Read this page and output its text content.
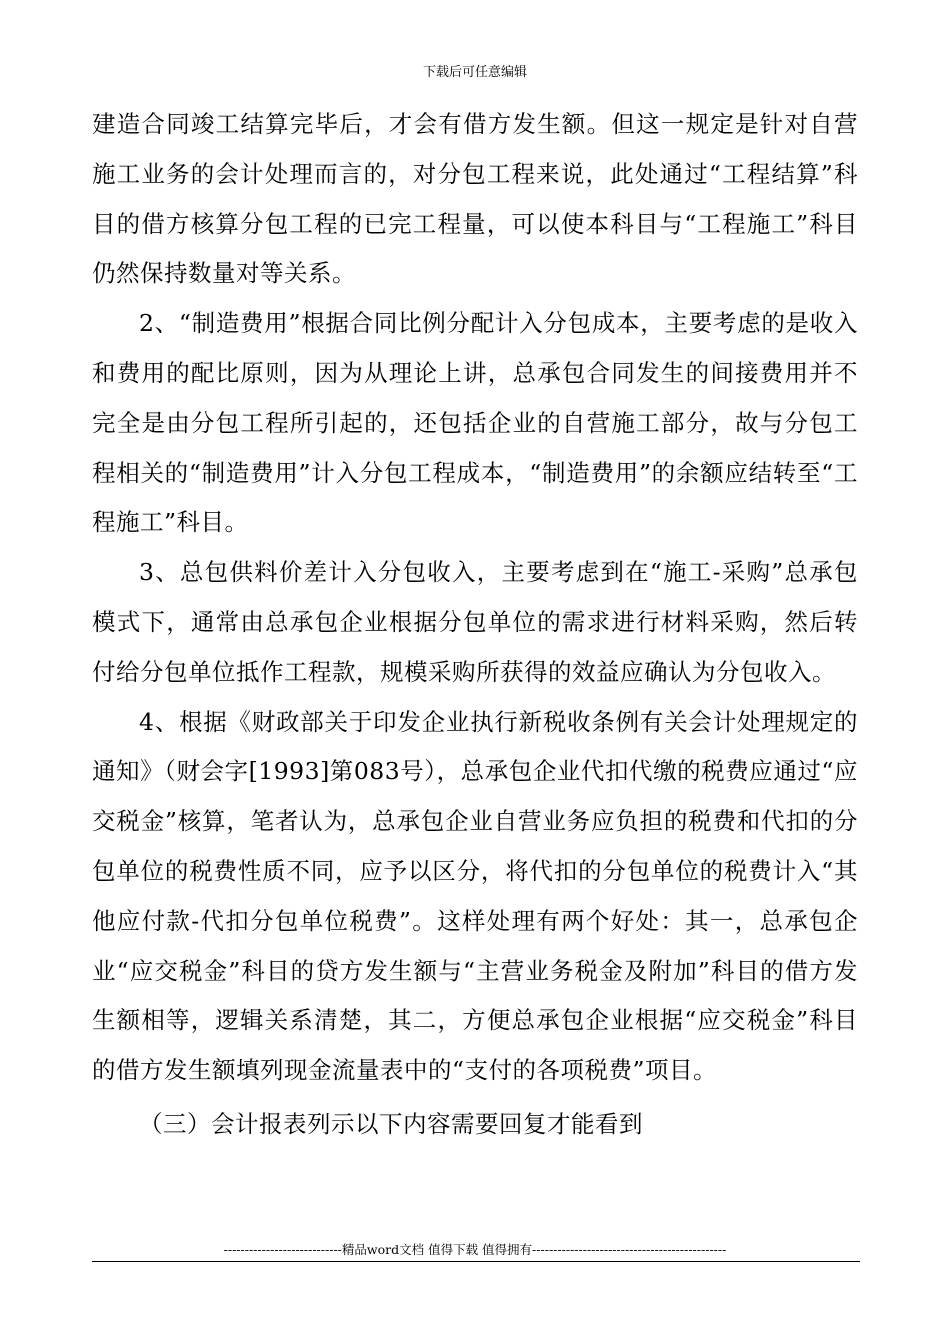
下载后可任意编辑

建造合同竣工结算完毕后，才会有借方发生额。但这一规定是针对自营施工业务的会计处理而言的，对分包工程来说，此处通过“工程结算”科目的借方核算分包工程的已完工程量，可以使本科目与“工程施工”科目仍然保持数量对等关系。

2、“制造费用”根据合同比例分配计入分包成本，主要考虑的是收入和费用的配比原则，因为从理论上讲，总承包合同发生的间接费用并不完全是由分包工程所引起的，还包括企业的自营施工部分，故与分包工程相关的“制造费用”计入分包工程成本，“制造费用”的余额应结转至“工程施工”科目。

3、总包供料价差计入分包收入，主要考虑到在“施工-采购”总承包模式下，通常由总承包企业根据分包单位的需求进行材料采购，然后转付给分包单位抵作工程款，规模采购所获得的效益应确认为分包收入。

4、根据《财政部关于印发企业执行新税收条例有关会计处理规定的通知》（财会字[1993]第083号），总承包企业代扣代缴的税费应通过“应交税金”核算，笔者认为，总承包企业自营业务应负担的税费和代扣的分包单位的税费性质不同，应予以区分，将代扣的分包单位的税费计入“其他应付款-代扣分包单位税费”。这样处理有两个好处：其一，总承包企业“应交税金”科目的贷方发生额与“主营业务税金及附加”科目的借方发生额相等，逻辑关系清楚，其二，方便总承包企业根据“应交税金”科目的借方发生额填列现金流量表中的“支付的各项税费”项目。

（三）会计报表列示以下内容需要回复才能看到

----------------------------精品word文档 值得下载 值得拥有----------------------------------------------
